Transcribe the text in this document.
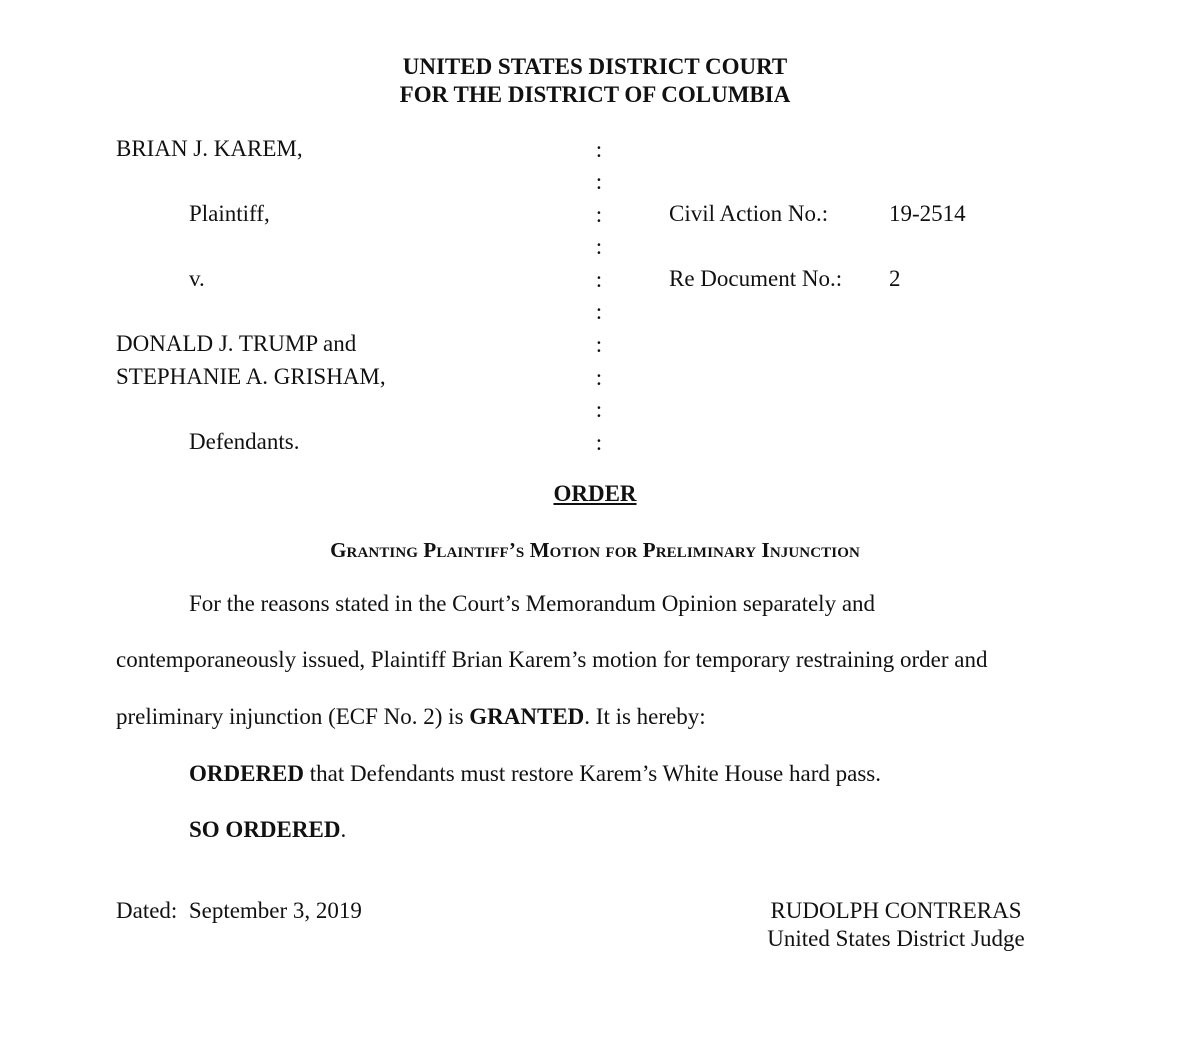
UNITED STATES DISTRICT COURT
FOR THE DISTRICT OF COLUMBIA
BRIAN J. KAREM,
Plaintiff,
v.
DONALD J. TRUMP and
STEPHANIE A. GRISHAM,
Defendants.
:
:
:
:
:
:
:
:
:
:
Civil Action No.:	19-2514
Re Document No.: 2
ORDER
Granting Plaintiff’s Motion for Preliminary Injunction
For the reasons stated in the Court’s Memorandum Opinion separately and
contemporaneously issued, Plaintiff Brian Karem’s motion for temporary restraining order and
preliminary injunction (ECF No. 2) is GRANTED. It is hereby:
ORDERED that Defendants must restore Karem’s White House hard pass.
SO ORDERED.
Dated: September 3, 2019	RUDOLPH CONTRERAS
United States District Judge
